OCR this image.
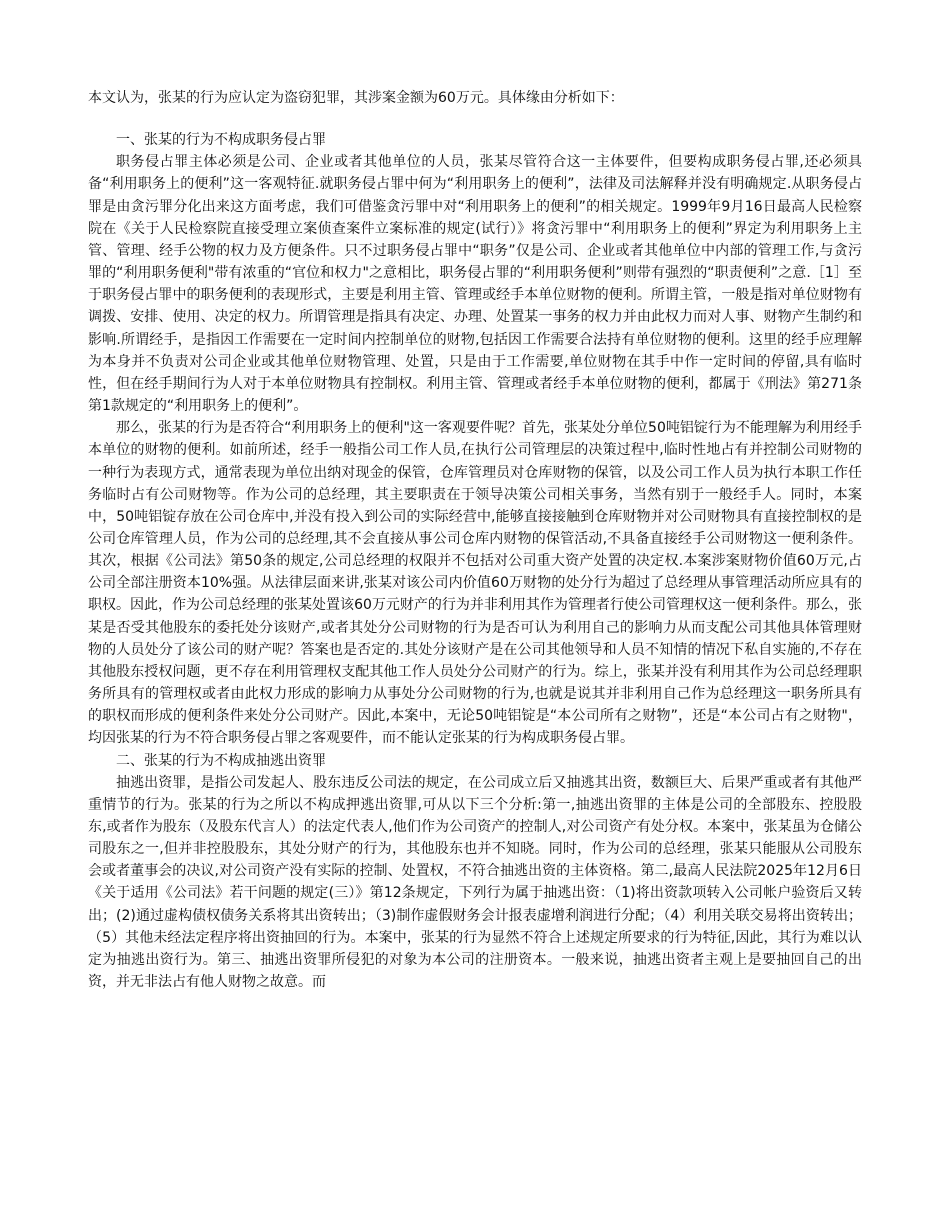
本文认为，张某的行为应认定为盗窃犯罪，其涉案金额为60万元。具体缘由分析如下：

一、张某的行为不构成职务侵占罪

职务侵占罪主体必须是公司、企业或者其他单位的人员，张某尽管符合这一主体要件，但要构成职务侵占罪,还必须具备“利用职务上的便利”这一客观特征.就职务侵占罪中何为“利用职务上的便利”，法律及司法解释并没有明确规定.从职务侵占罪是由贪污罪分化出来这方面考虑，我们可借鉴贪污罪中对“利用职务上的便利”的相关规定。1999年9月16日最高人民检察院在《关于人民检察院直接受理立案侦查案件立案标准的规定(试行）》将贪污罪中“利用职务上的便利”界定为利用职务上主管、管理、经手公物的权力及方便条件。只不过职务侵占罪中“职务”仅是公司、企业或者其他单位中内部的管理工作,与贪污罪的“利用职务便利"带有浓重的“官位和权力"之意相比，职务侵占罪的“利用职务便利”则带有强烈的“职责便利”之意.［1］至于职务侵占罪中的职务便利的表现形式，主要是利用主管、管理或经手本单位财物的便利。所谓主管，一般是指对单位财物有调拨、安排、使用、决定的权力。所谓管理是指具有决定、办理、处置某一事务的权力并由此权力而对人事、财物产生制约和影响.所谓经手，是指因工作需要在一定时间内控制单位的财物,包括因工作需要合法持有单位财物的便利。这里的经手应理解为本身并不负责对公司企业或其他单位财物管理、处置，只是由于工作需要,单位财物在其手中作一定时间的停留,具有临时性，但在经手期间行为人对于本单位财物具有控制权。利用主管、管理或者经手本单位财物的便利，都属于《刑法》第271条第1款规定的“利用职务上的便利”。

那么，张某的行为是否符合“利用职务上的便利"这一客观要件呢？首先，张某处分单位50吨铝锭行为不能理解为利用经手本单位的财物的便利。如前所述，经手一般指公司工作人员,在执行公司管理层的决策过程中,临时性地占有并控制公司财物的一种行为表现方式，通常表现为单位出纳对现金的保管，仓库管理员对仓库财物的保管，以及公司工作人员为执行本职工作任务临时占有公司财物等。作为公司的总经理，其主要职责在于领导决策公司相关事务，当然有别于一般经手人。同时，本案中，50吨铝锭存放在公司仓库中,并没有投入到公司的实际经营中,能够直接接触到仓库财物并对公司财物具有直接控制权的是公司仓库管理人员，作为公司的总经理,其不会直接从事公司仓库内财物的保管活动,不具备直接经手公司财物这一便利条件。其次，根据《公司法》第50条的规定,公司总经理的权限并不包括对公司重大资产处置的决定权.本案涉案财物价值60万元,占公司全部注册资本10%强。从法律层面来讲,张某对该公司内价值60万财物的处分行为超过了总经理从事管理活动所应具有的职权。因此，作为公司总经理的张某处置该60万元财产的行为并非利用其作为管理者行使公司管理权这一便利条件。那么，张某是否受其他股东的委托处分该财产,或者其处分公司财物的行为是否可认为利用自己的影响力从而支配公司其他具体管理财物的人员处分了该公司的财产呢？答案也是否定的.其处分该财产是在公司其他领导和人员不知情的情况下私自实施的,不存在其他股东授权问题，更不存在利用管理权支配其他工作人员处分公司财产的行为。综上，张某并没有利用其作为公司总经理职务所具有的管理权或者由此权力形成的影响力从事处分公司财物的行为,也就是说其并非利用自己作为总经理这一职务所具有的职权而形成的便利条件来处分公司财产。因此,本案中，无论50吨铝锭是“本公司所有之财物”，还是“本公司占有之财物"，均因张某的行为不符合职务侵占罪之客观要件，而不能认定张某的行为构成职务侵占罪。

二、张某的行为不构成抽逃出资罪

抽逃出资罪，是指公司发起人、股东违反公司法的规定，在公司成立后又抽逃其出资，数额巨大、后果严重或者有其他严重情节的行为。张某的行为之所以不构成押逃出资罪,可从以下三个分析:第一,抽逃出资罪的主体是公司的全部股东、控股股东,或者作为股东（及股东代言人）的法定代表人,他们作为公司资产的控制人,对公司资产有处分权。本案中，张某虽为仓储公司股东之一,但并非控股股东，其处分财产的行为，其他股东也并不知晓。同时，作为公司的总经理，张某只能服从公司股东会或者董事会的决议,对公司资产没有实际的控制、处置权，不符合抽逃出资的主体资格。第二,最高人民法院2025年12月6日《关于适用《公司法》若干问题的规定(三）》第12条规定，下列行为属于抽逃出资：（1)将出资款项转入公司帐户验资后又转出；(2)通过虚构债权债务关系将其出资转出；（3)制作虚假财务会计报表虚增利润进行分配；（4）利用关联交易将出资转出；（5）其他未经法定程序将出资抽回的行为。本案中，张某的行为显然不符合上述规定所要求的行为特征,因此，其行为难以认定为抽逃出资行为。第三、抽逃出资罪所侵犯的对象为本公司的注册资本。一般来说，抽逃出资者主观上是要抽回自己的出资，并无非法占有他人财物之故意。而
